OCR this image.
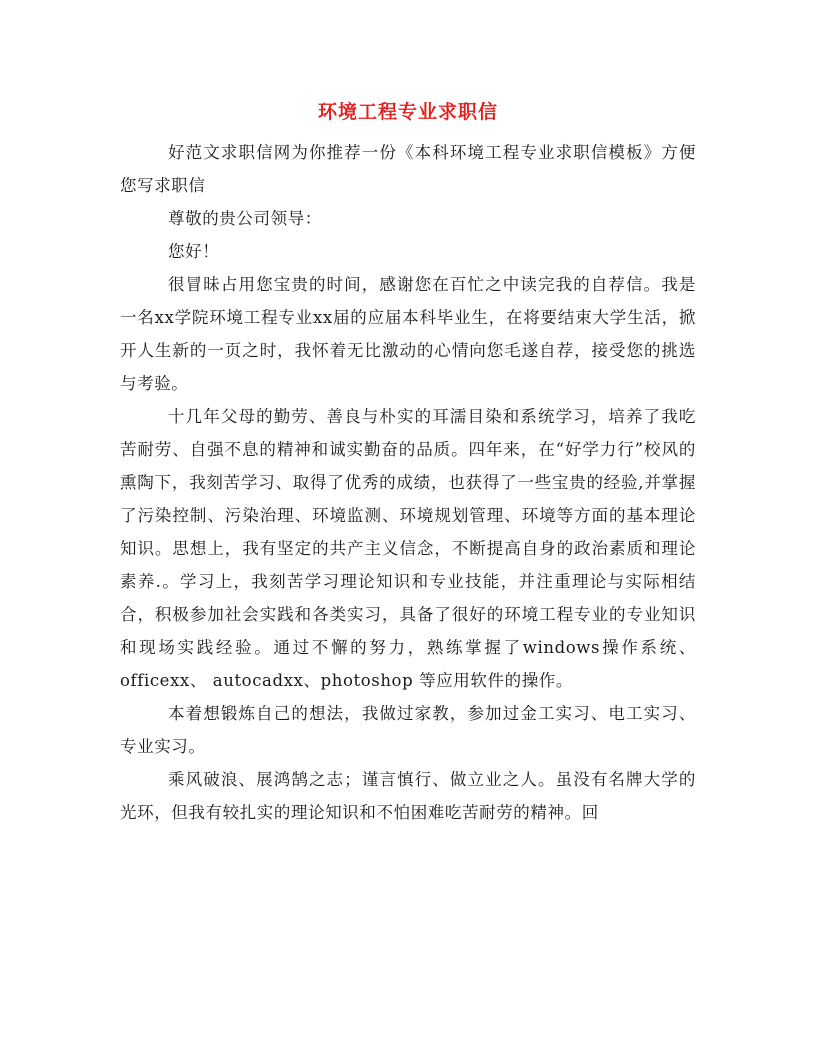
环境工程专业求职信

好范文求职信网为你推荐一份《本科环境工程专业求职信模板》方便您写求职信

尊敬的贵公司领导：

您好！

很冒昧占用您宝贵的时间，感谢您在百忙之中读完我的自荐信。我是一名xx学院环境工程专业xx届的应届本科毕业生，在将要结束大学生活，掀开人生新的一页之时，我怀着无比激动的心情向您毛遂自荐，接受您的挑选与考验。

十几年父母的勤劳、善良与朴实的耳濡目染和系统学习，培养了我吃苦耐劳、自强不息的精神和诚实勤奋的品质。四年来，在“好学力行”校风的熏陶下，我刻苦学习、取得了优秀的成绩，也获得了一些宝贵的经验,并掌握了污染控制、污染治理、环境监测、环境规划管理、环境等方面的基本理论知识。思想上，我有坚定的共产主义信念，不断提高自身的政治素质和理论素养.。学习上，我刻苦学习理论知识和专业技能，并注重理论与实际相结合，积极参加社会实践和各类实习，具备了很好的环境工程专业的专业知识和现场实践经验。通过不懈的努力，熟练掌握了windows操作系统、officexx、 autocadxx、photoshop 等应用软件的操作。

本着想锻炼自己的想法，我做过家教，参加过金工实习、电工实习、专业实习。

乘风破浪、展鸿鹄之志；谨言慎行、做立业之人。虽没有名牌大学的光环，但我有较扎实的理论知识和不怕困难吃苦耐劳的精神。回
